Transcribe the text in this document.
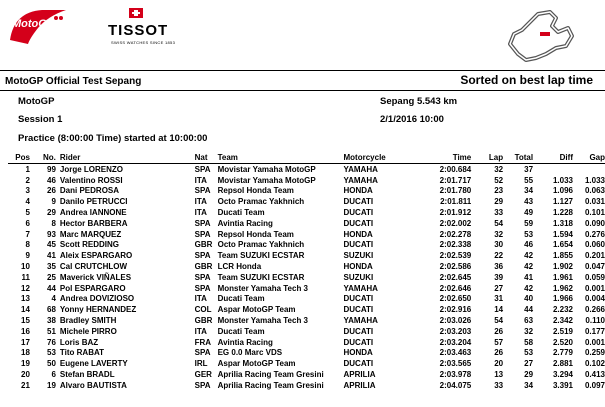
MotoGP	TISSOT
SWISS WATCHES SINCE 1853
MotoGP Official Test Sepang	Sorted on best lap time
MotoGP	Sepang 5.543 km
Session 1	2/1/2016 10:00
Practice (8:00:00 Time) started at 10:00:00
Pos	No.	Rider	Nat	Team	Motorcycle	Time	Lap	Total	Diff	Gap
1	99	Jorge LORENZO	SPA	Movistar Yamaha MotoGP	YAMAHA	2:00.684	32	37		
2	46	Valentino ROSSI	ITA	Movistar Yamaha MotoGP	YAMAHA	2:01.717	52	55	1.033	1.033
3	26	Dani PEDROSA	SPA	Repsol Honda Team	HONDA	2:01.780	23	34	1.096	0.063
4	9	Danilo PETRUCCI	ITA	Octo Pramac Yakhnich	DUCATI	2:01.811	29	43	1.127	0.031
5	29	Andrea IANNONE	ITA	Ducati Team	DUCATI	2:01.912	33	49	1.228	0.101
6	8	Hector BARBERA	SPA	Avintia Racing	DUCATI	2:02.002	54	59	1.318	0.090
7	93	Marc MARQUEZ	SPA	Repsol Honda Team	HONDA	2:02.278	32	53	1.594	0.276
8	45	Scott REDDING	GBR	Octo Pramac Yakhnich	DUCATI	2:02.338	30	46	1.654	0.060
9	41	Aleix ESPARGARO	SPA	Team SUZUKI ECSTAR	SUZUKI	2:02.539	22	42	1.855	0.201
10	35	Cal CRUTCHLOW	GBR	LCR Honda	HONDA	2:02.586	36	42	1.902	0.047
11	25	Maverick VIÑALES	SPA	Team SUZUKI ECSTAR	SUZUKI	2:02.645	39	41	1.961	0.059
12	44	Pol ESPARGARO	SPA	Monster Yamaha Tech 3	YAMAHA	2:02.646	27	42	1.962	0.001
13	4	Andrea DOVIZIOSO	ITA	Ducati Team	DUCATI	2:02.650	31	40	1.966	0.004
14	68	Yonny HERNANDEZ	COL	Aspar MotoGP Team	DUCATI	2:02.916	14	44	2.232	0.266
15	38	Bradley SMITH	GBR	Monster Yamaha Tech 3	YAMAHA	2:03.026	54	63	2.342	0.110
16	51	Michele PIRRO	ITA	Ducati Team	DUCATI	2:03.203	26	32	2.519	0.177
17	76	Loris BAZ	FRA	Avintia Racing	DUCATI	2:03.204	57	58	2.520	0.001
18	53	Tito RABAT	SPA	EG 0.0 Marc VDS	HONDA	2:03.463	26	53	2.779	0.259
19	50	Eugene LAVERTY	IRL	Aspar MotoGP Team	DUCATI	2:03.565	20	27	2.881	0.102
20	6	Stefan BRADL	GER	Aprilia Racing Team Gresini	APRILIA	2:03.978	13	29	3.294	0.413
21	19	Alvaro BAUTISTA	SPA	Aprilia Racing Team Gresini	APRILIA	2:04.075	33	34	3.391	0.097
